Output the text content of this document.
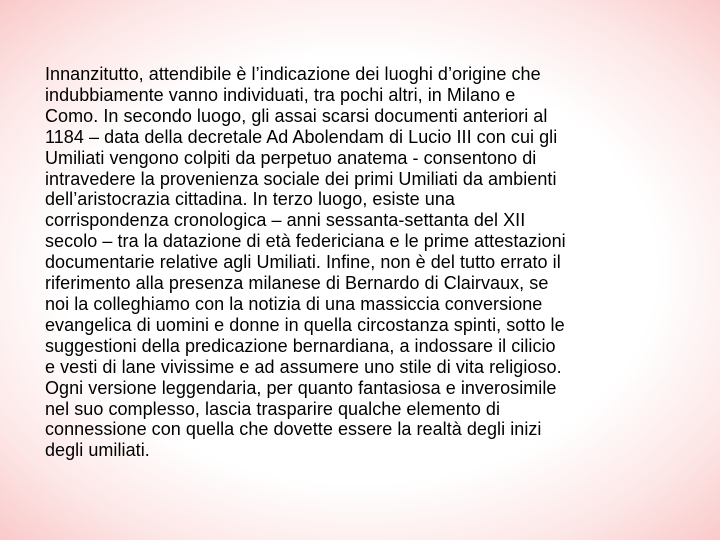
Innanzitutto, attendibile è l’indicazione dei luoghi d’origine che
indubbiamente vanno individuati, tra pochi altri, in Milano e
Como. In secondo luogo, gli assai scarsi documenti anteriori al
1184 – data della decretale Ad Abolendam di Lucio III con cui gli
Umiliati vengono colpiti da perpetuo anatema - consentono di
intravedere la provenienza sociale dei primi Umiliati da ambienti
dell’aristocrazia cittadina. In terzo luogo, esiste una
corrispondenza cronologica – anni sessanta-settanta del XII
secolo – tra la datazione di età federiciana e le prime attestazioni
documentarie relative agli Umiliati. Infine, non è del tutto errato il
riferimento alla presenza milanese di Bernardo di Clairvaux, se
noi la colleghiamo con la notizia di una massiccia conversione
evangelica di uomini e donne in quella circostanza spinti, sotto le
suggestioni della predicazione bernardiana, a indossare il cilicio
e vesti di lane vivissime e ad assumere uno stile di vita religioso.
Ogni versione leggendaria, per quanto fantasiosa e inverosimile
nel suo complesso, lascia trasparire qualche elemento di
connessione con quella che dovette essere la realtà degli inizi
degli umiliati.
